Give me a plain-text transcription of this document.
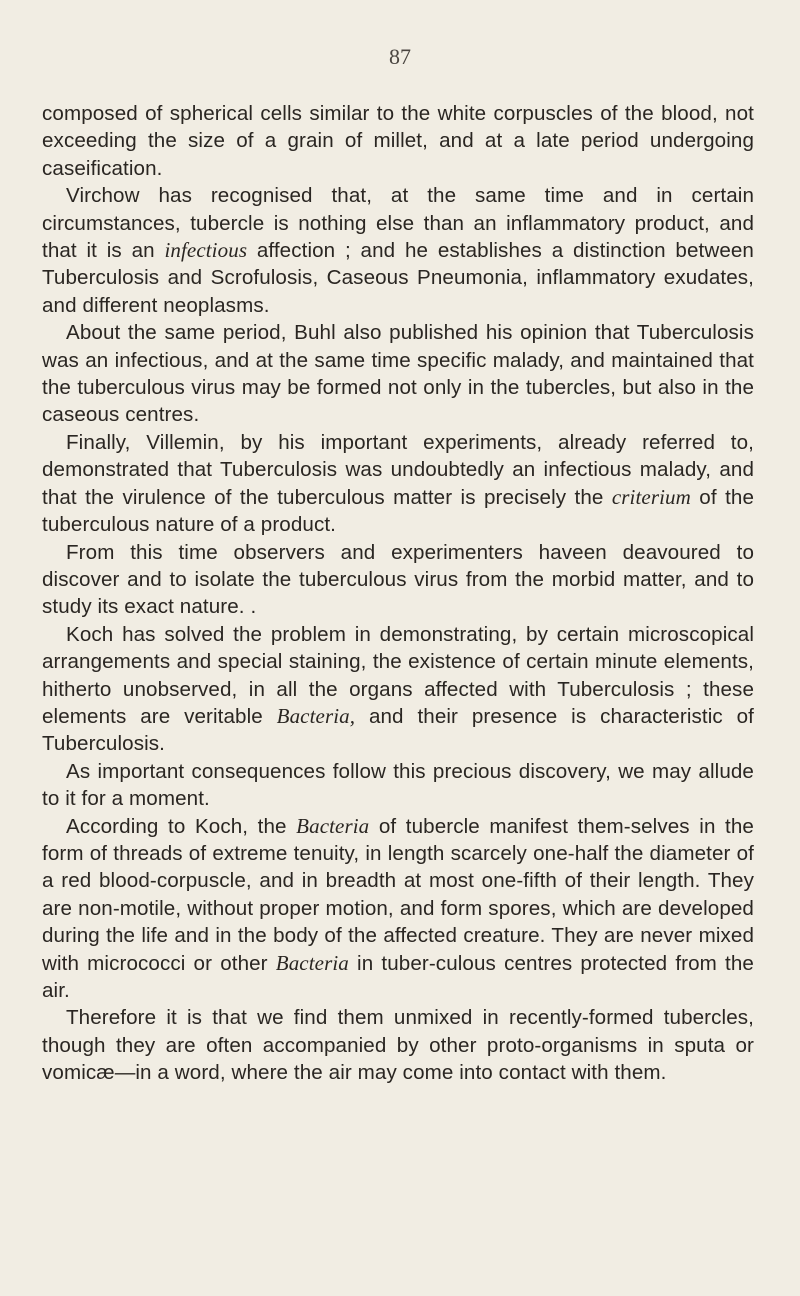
87

composed of spherical cells similar to the white corpuscles of the blood, not exceeding the size of a grain of millet, and at a late period undergoing caseification.

Virchow has recognised that, at the same time and in certain circumstances, tubercle is nothing else than an inflammatory product, and that it is an infectious affection ; and he establishes a distinction between Tuberculosis and Scrofulosis, Caseous Pneumonia, inflammatory exudates, and different neoplasms.

About the same period, Buhl also published his opinion that Tuberculosis was an infectious, and at the same time specific malady, and maintained that the tuberculous virus may be formed not only in the tubercles, but also in the caseous centres.

Finally, Villemin, by his important experiments, already referred to, demonstrated that Tuberculosis was undoubtedly an infectious malady, and that the virulence of the tuberculous matter is precisely the criterium of the tuberculous nature of a product.

From this time observers and experimenters haveen deavoured to discover and to isolate the tuberculous virus from the morbid matter, and to study its exact nature. .

Koch has solved the problem in demonstrating, by certain microscopical arrangements and special staining, the existence of certain minute elements, hitherto unobserved, in all the organs affected with Tuberculosis ; these elements are veritable Bacteria, and their presence is characteristic of Tuberculosis.

As important consequences follow this precious discovery, we may allude to it for a moment.

According to Koch, the Bacteria of tubercle manifest them-selves in the form of threads of extreme tenuity, in length scarcely one-half the diameter of a red blood-corpuscle, and in breadth at most one-fifth of their length. They are non-motile, without proper motion, and form spores, which are developed during the life and in the body of the affected creature. They are never mixed with micrococci or other Bacteria in tuber-culous centres protected from the air.

Therefore it is that we find them unmixed in recently-formed tubercles, though they are often accompanied by other proto-organisms in sputa or vomicæ—in a word, where the air may come into contact with them.
